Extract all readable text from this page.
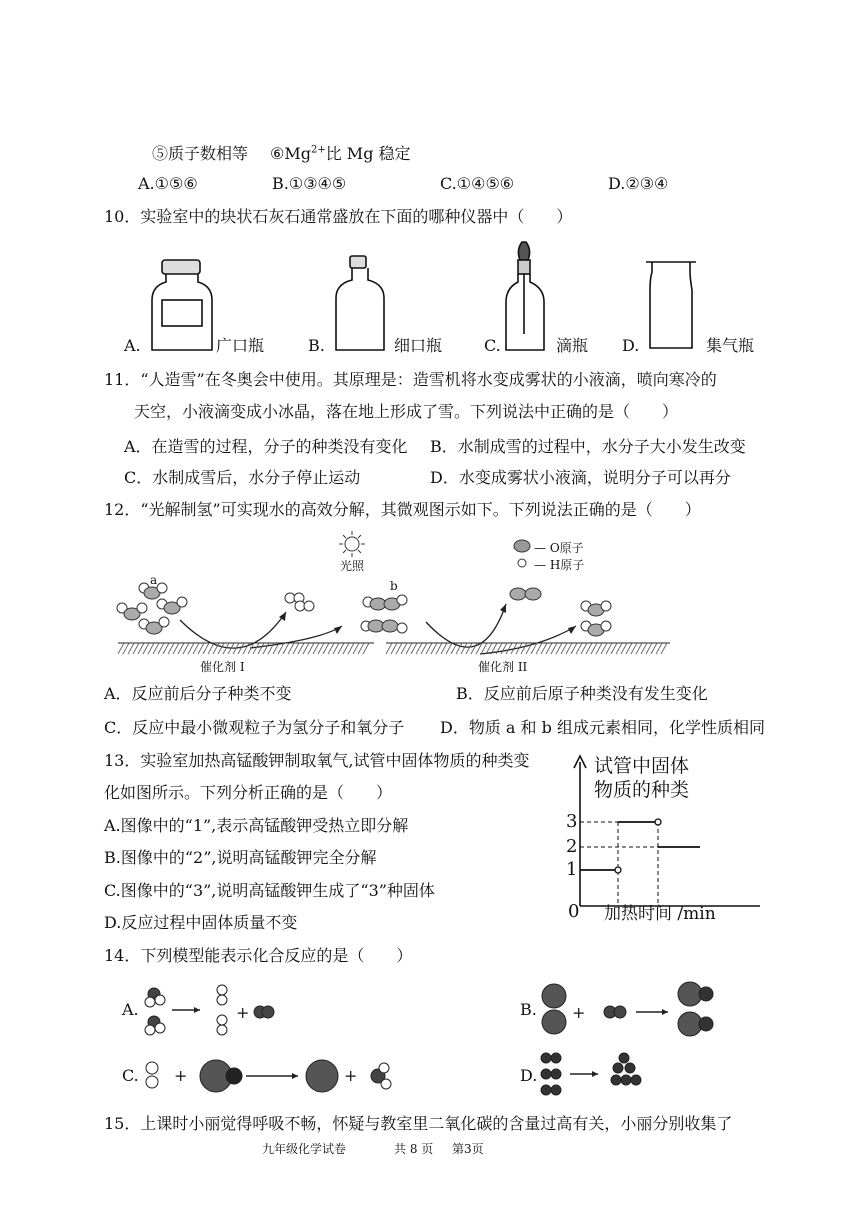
⑤质子数相等 $⑥Mg^{2+}$比 Mg 稳定
A.①⑤⑥	B.①③④⑤	C.①④⑤⑥	D.②③④
10．实验室中的块状石灰石通常盛放在下面的哪种仪器中（　　）
A.	广口瓶	B.	细口瓶	C.	滴瓶 D.	集气瓶
11．“人造雪”在冬奥会中使用。其原理是：造雪机将水变成雾状的小液滴，喷向寒冷的
天空，小液滴变成小冰晶，落在地上形成了雪。下列说法中正确的是（　　）
A．在造雪的过程，分子的种类没有变化 B．水制成雪的过程中，水分子大小发生改变
C．水制成雪后，水分子停止运动	D．水变成雾状小液滴，说明分子可以再分
12．“光解制氢”可实现水的高效分解，其微观图示如下。下列说法正确的是（　　）
光照
— O原子
— H原子
a	b
催化剂 I	催化剂 II
A．反应前后分子种类不变	B．反应前后原子种类没有发生变化
C．反应中最小微观粒子为氢分子和氧分子 D．物质 a 和 b 组成元素相同，化学性质相同
13．实验室加热高锰酸钾制取氧气,试管中固体物质的种类变
化如图所示。下列分析正确的是（　　）
A.图像中的“1”,表示高锰酸钾受热立即分解
B.图像中的“2”,说明高锰酸钾完全分解
C.图像中的“3”,说明高锰酸钾生成了“3”种固体
D.反应过程中固体质量不变
试管中固体
物质的种类
3
2
1
0 加热时间 /min
14．下列模型能表示化合反应的是（　　）
A.	+	B. +
C. +	+	D.
15．上课时小丽觉得呼吸不畅，怀疑与教室里二氧化碳的含量过高有关，小丽分别收集了
九年级化学试卷	共 8 页 第3页
